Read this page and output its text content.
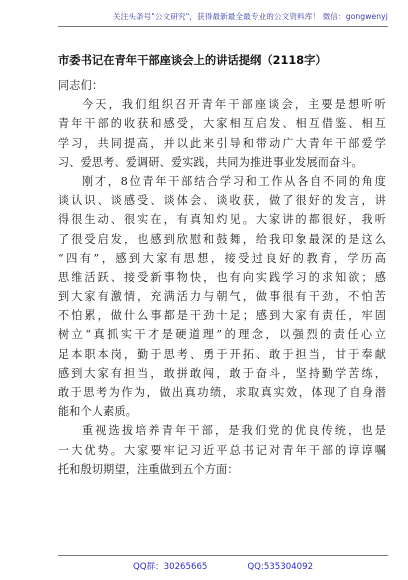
关注头条号"公文研究"，获得最新最全最专业的公文资料库！ 微信：gongwenyj
市委书记在青年干部座谈会上的讲话提纲（2118字）
同志们：
今天，我们组织召开青年干部座谈会，主要是想听听
青年干部的收获和感受，大家相互启发、相互借鉴、相互
学习，共同提高，并以此来引导和带动广大青年干部爱学
习、爱思考、爱调研、爱实践，共同为推进事业发展而奋斗。
刚才，8位青年干部结合学习和工作从各自不同的角度
谈认识、谈感受、谈体会、谈收获，做了很好的发言，讲
得很生动、很实在，有真知灼见。大家讲的都很好，我听
了很受启发，也感到欣慰和鼓舞，给我印象最深的是这么
“四有”，感到大家有思想，接受过良好的教育，学历高
思维活跃、接受新事物快，也有向实践学习的求知欲；感
到大家有激情，充满活力与朝气，做事很有干劲，不怕苦
不怕累，做什么事都是干劲十足；感到大家有责任，牢固
树立“真抓实干才是硬道理”的理念，以强烈的责任心立
足本职本岗，勤于思考、勇于开拓、敢于担当，甘于奉献
感到大家有担当，敢拼敢闯，敢于奋斗，坚持勤学苦练，
敢于思考为作为，做出真功绩，求取真实效，体现了自身潜
能和个人素质。
重视选拔培养青年干部，是我们党的优良传统，也是
一大优势。大家要牢记习近平总书记对青年干部的谆谆嘱
托和殷切期望，注重做到五个方面：
QQ群：30265665	QQ:535304092
